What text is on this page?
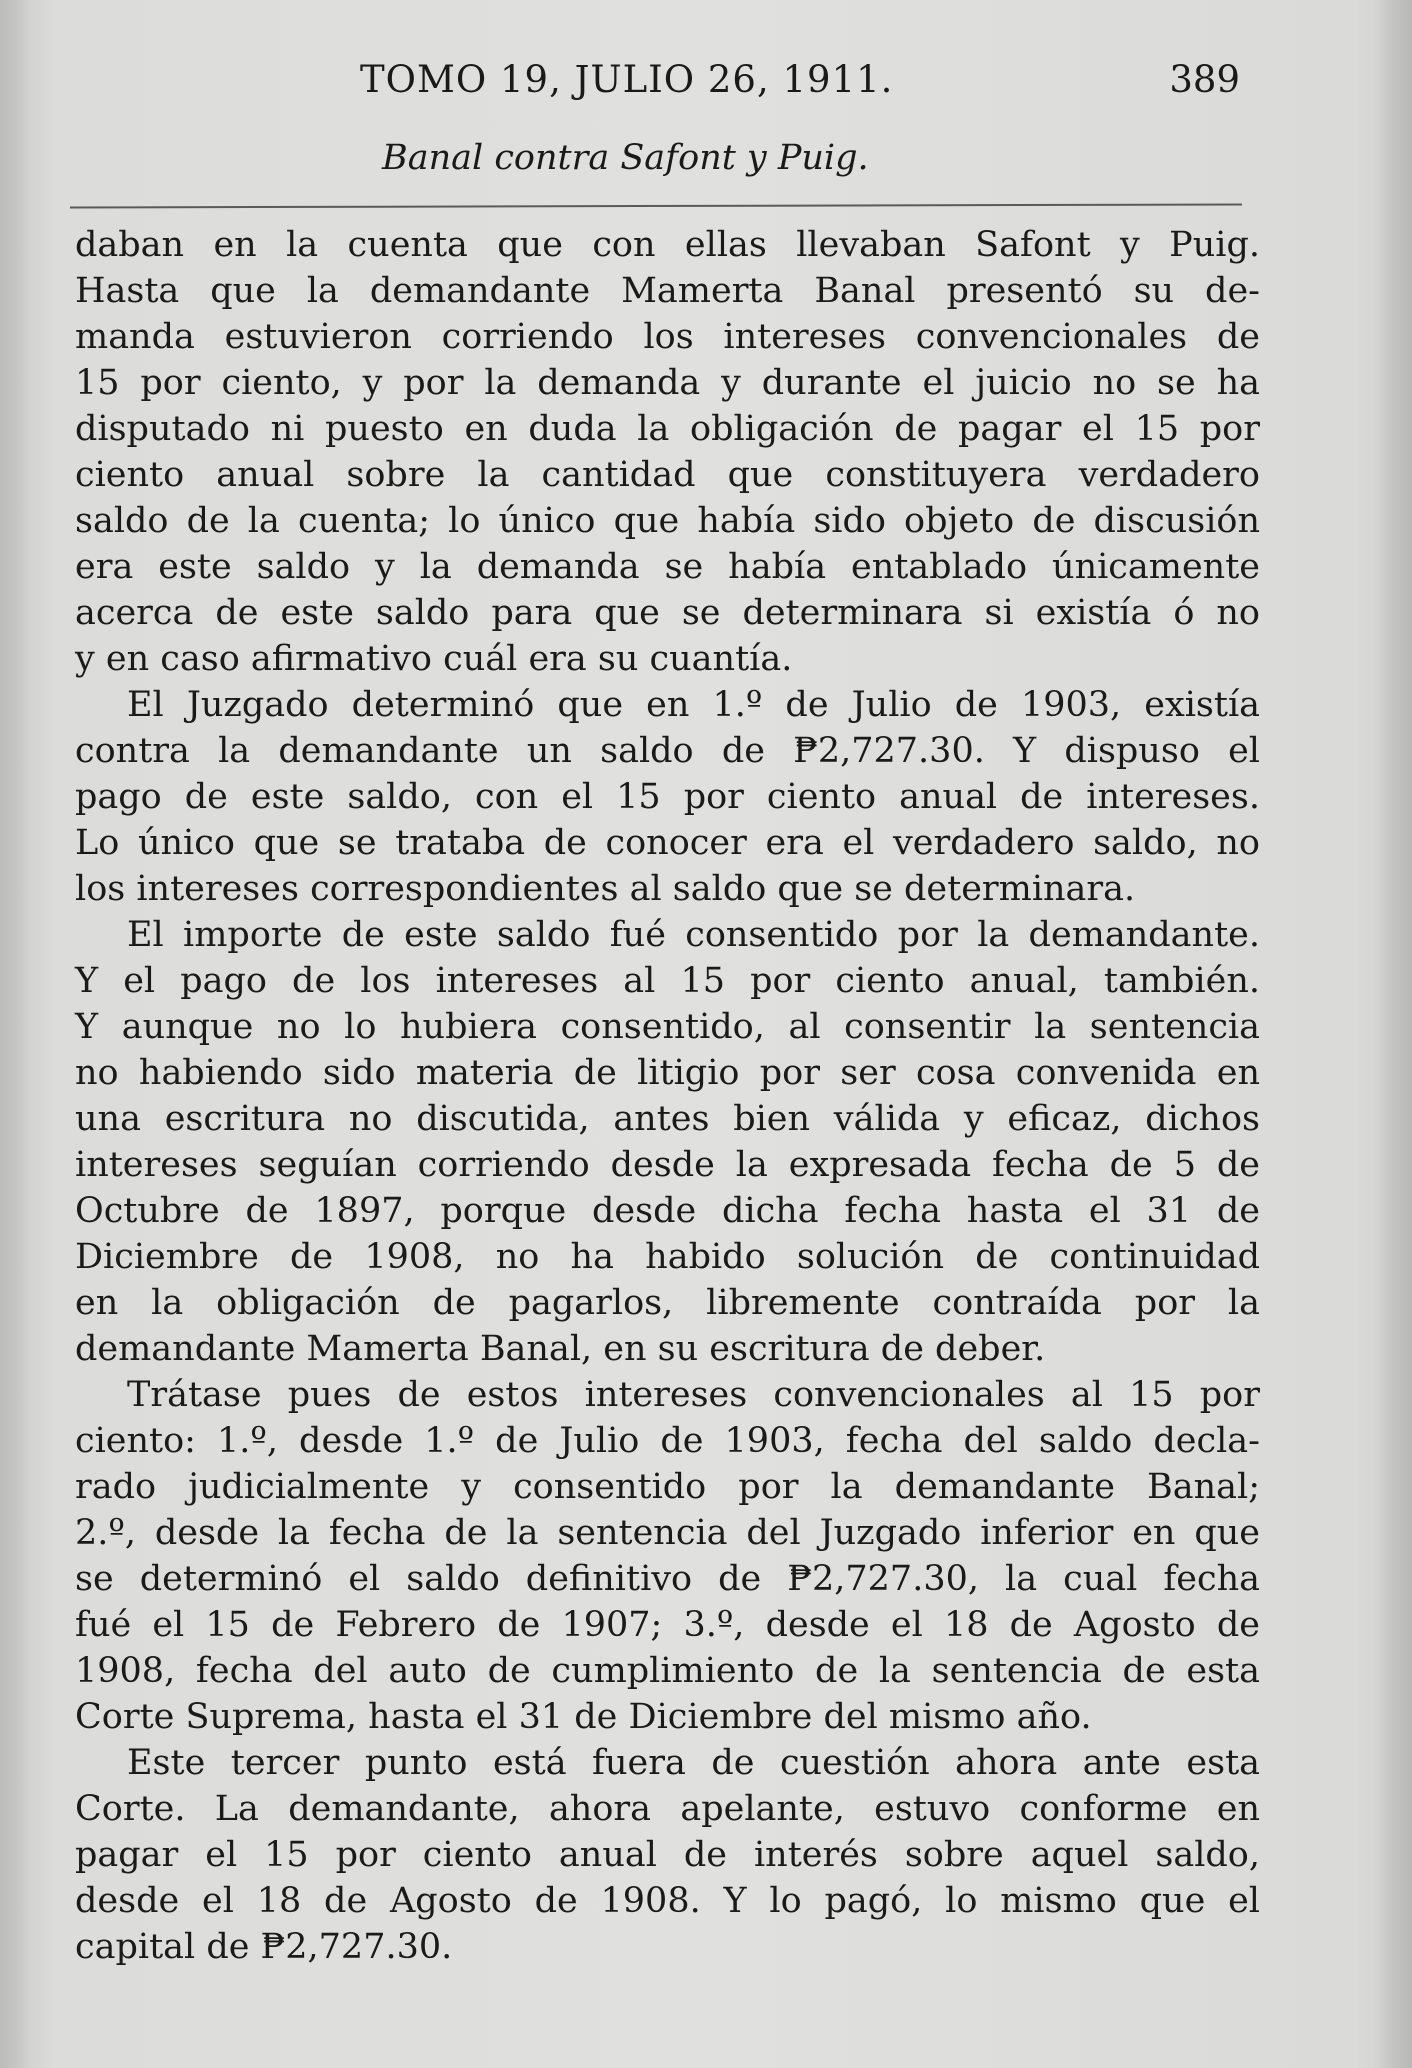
TOMO 19, JULIO 26, 1911.	389
Banal contra Safont y Puig.
daban en la cuenta que con ellas llevaban Safont y Puig.
Hasta que la demandante Mamerta Banal presentó su de-
manda estuvieron corriendo los intereses convencionales de
15 por ciento, y por la demanda y durante el juicio no se ha
disputado ni puesto en duda la obligación de pagar el 15 por
ciento anual sobre la cantidad que constituyera verdadero
saldo de la cuenta; lo único que había sido objeto de discusión
era este saldo y la demanda se había entablado únicamente
acerca de este saldo para que se determinara si existía ó no
y en caso afirmativo cuál era su cuantía.
El Juzgado determinó que en 1.º de Julio de 1903, existía
contra la demandante un saldo de ₱2,727.30. Y dispuso el
pago de este saldo, con el 15 por ciento anual de intereses.
Lo único que se trataba de conocer era el verdadero saldo, no
los intereses correspondientes al saldo que se determinara.
El importe de este saldo fué consentido por la demandante.
Y el pago de los intereses al 15 por ciento anual, también.
Y aunque no lo hubiera consentido, al consentir la sentencia
no habiendo sido materia de litigio por ser cosa convenida en
una escritura no discutida, antes bien válida y eficaz, dichos
intereses seguían corriendo desde la expresada fecha de 5 de
Octubre de 1897, porque desde dicha fecha hasta el 31 de
Diciembre de 1908, no ha habido solución de continuidad
en la obligación de pagarlos, libremente contraída por la
demandante Mamerta Banal, en su escritura de deber.
Trátase pues de estos intereses convencionales al 15 por
ciento: 1.º, desde 1.º de Julio de 1903, fecha del saldo decla-
rado judicialmente y consentido por la demandante Banal;
2.º, desde la fecha de la sentencia del Juzgado inferior en que
se determinó el saldo definitivo de ₱2,727.30, la cual fecha
fué el 15 de Febrero de 1907; 3.º, desde el 18 de Agosto de
1908, fecha del auto de cumplimiento de la sentencia de esta
Corte Suprema, hasta el 31 de Diciembre del mismo año.
Este tercer punto está fuera de cuestión ahora ante esta
Corte. La demandante, ahora apelante, estuvo conforme en
pagar el 15 por ciento anual de interés sobre aquel saldo,
desde el 18 de Agosto de 1908. Y lo pagó, lo mismo que el
capital de ₱2,727.30.
